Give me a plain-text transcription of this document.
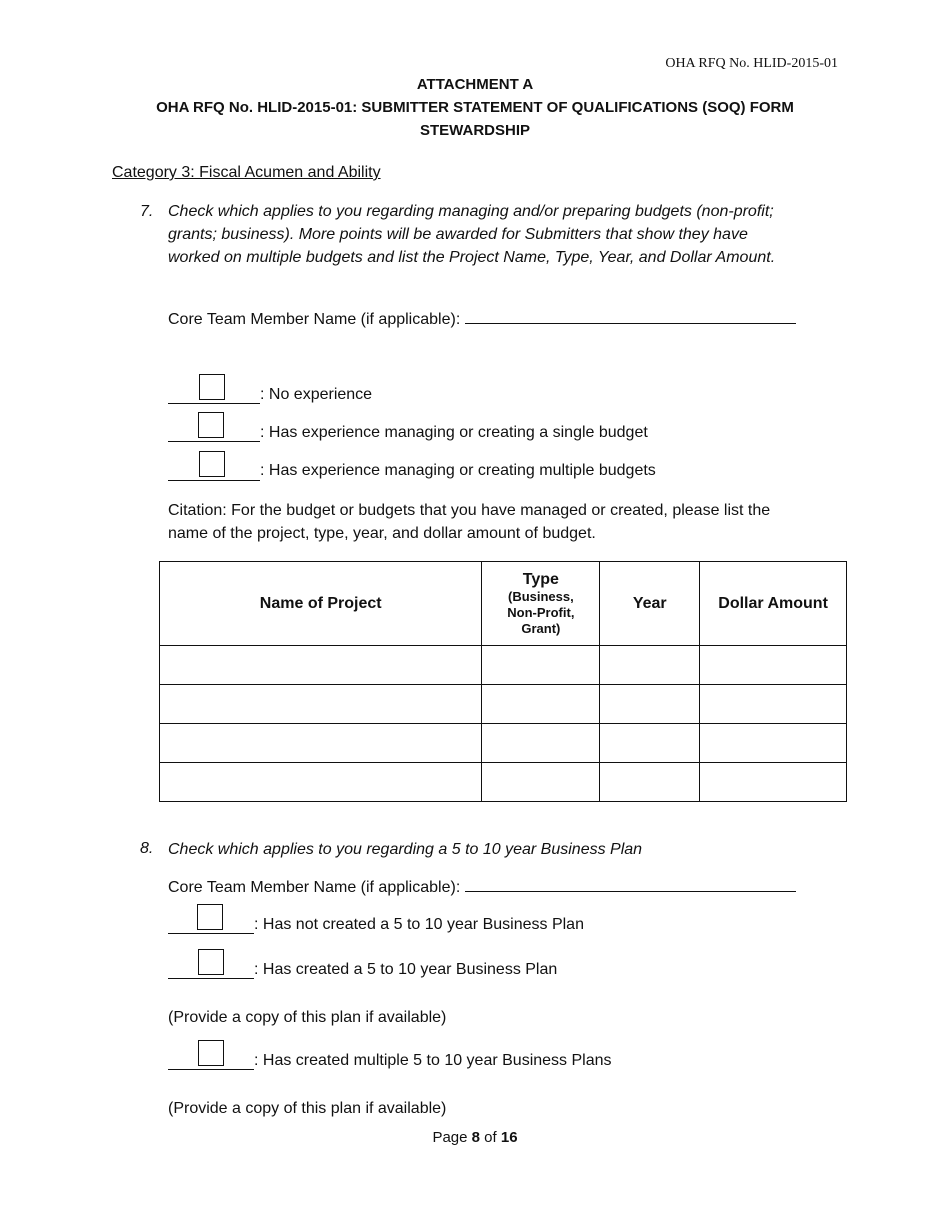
OHA RFQ No. HLID-2015-01
ATTACHMENT A
OHA RFQ No. HLID-2015-01: SUBMITTER STATEMENT OF QUALIFICATIONS (SOQ) FORM
STEWARDSHIP
Category 3: Fiscal Acumen and Ability
7. Check which applies to you regarding managing and/or preparing budgets (non-profit;
grants; business). More points will be awarded for Submitters that show they have
worked on multiple budgets and list the Project Name, Type, Year, and Dollar Amount.
Core Team Member Name (if applicable):
: No experience
: Has experience managing or creating a single budget
: Has experience managing or creating multiple budgets
Citation: For the budget or budgets that you have managed or created, please list the
name of the project, type, year, and dollar amount of budget.
Name of Project	Type
(Business,
Non-Profit,
Grant)	Year	Dollar Amount

8. Check which applies to you regarding a 5 to 10 year Business Plan
Core Team Member Name (if applicable):
: Has not created a 5 to 10 year Business Plan
: Has created a 5 to 10 year Business Plan
(Provide a copy of this plan if available)
: Has created multiple 5 to 10 year Business Plans
(Provide a copy of this plan if available)
Page 8 of 16
